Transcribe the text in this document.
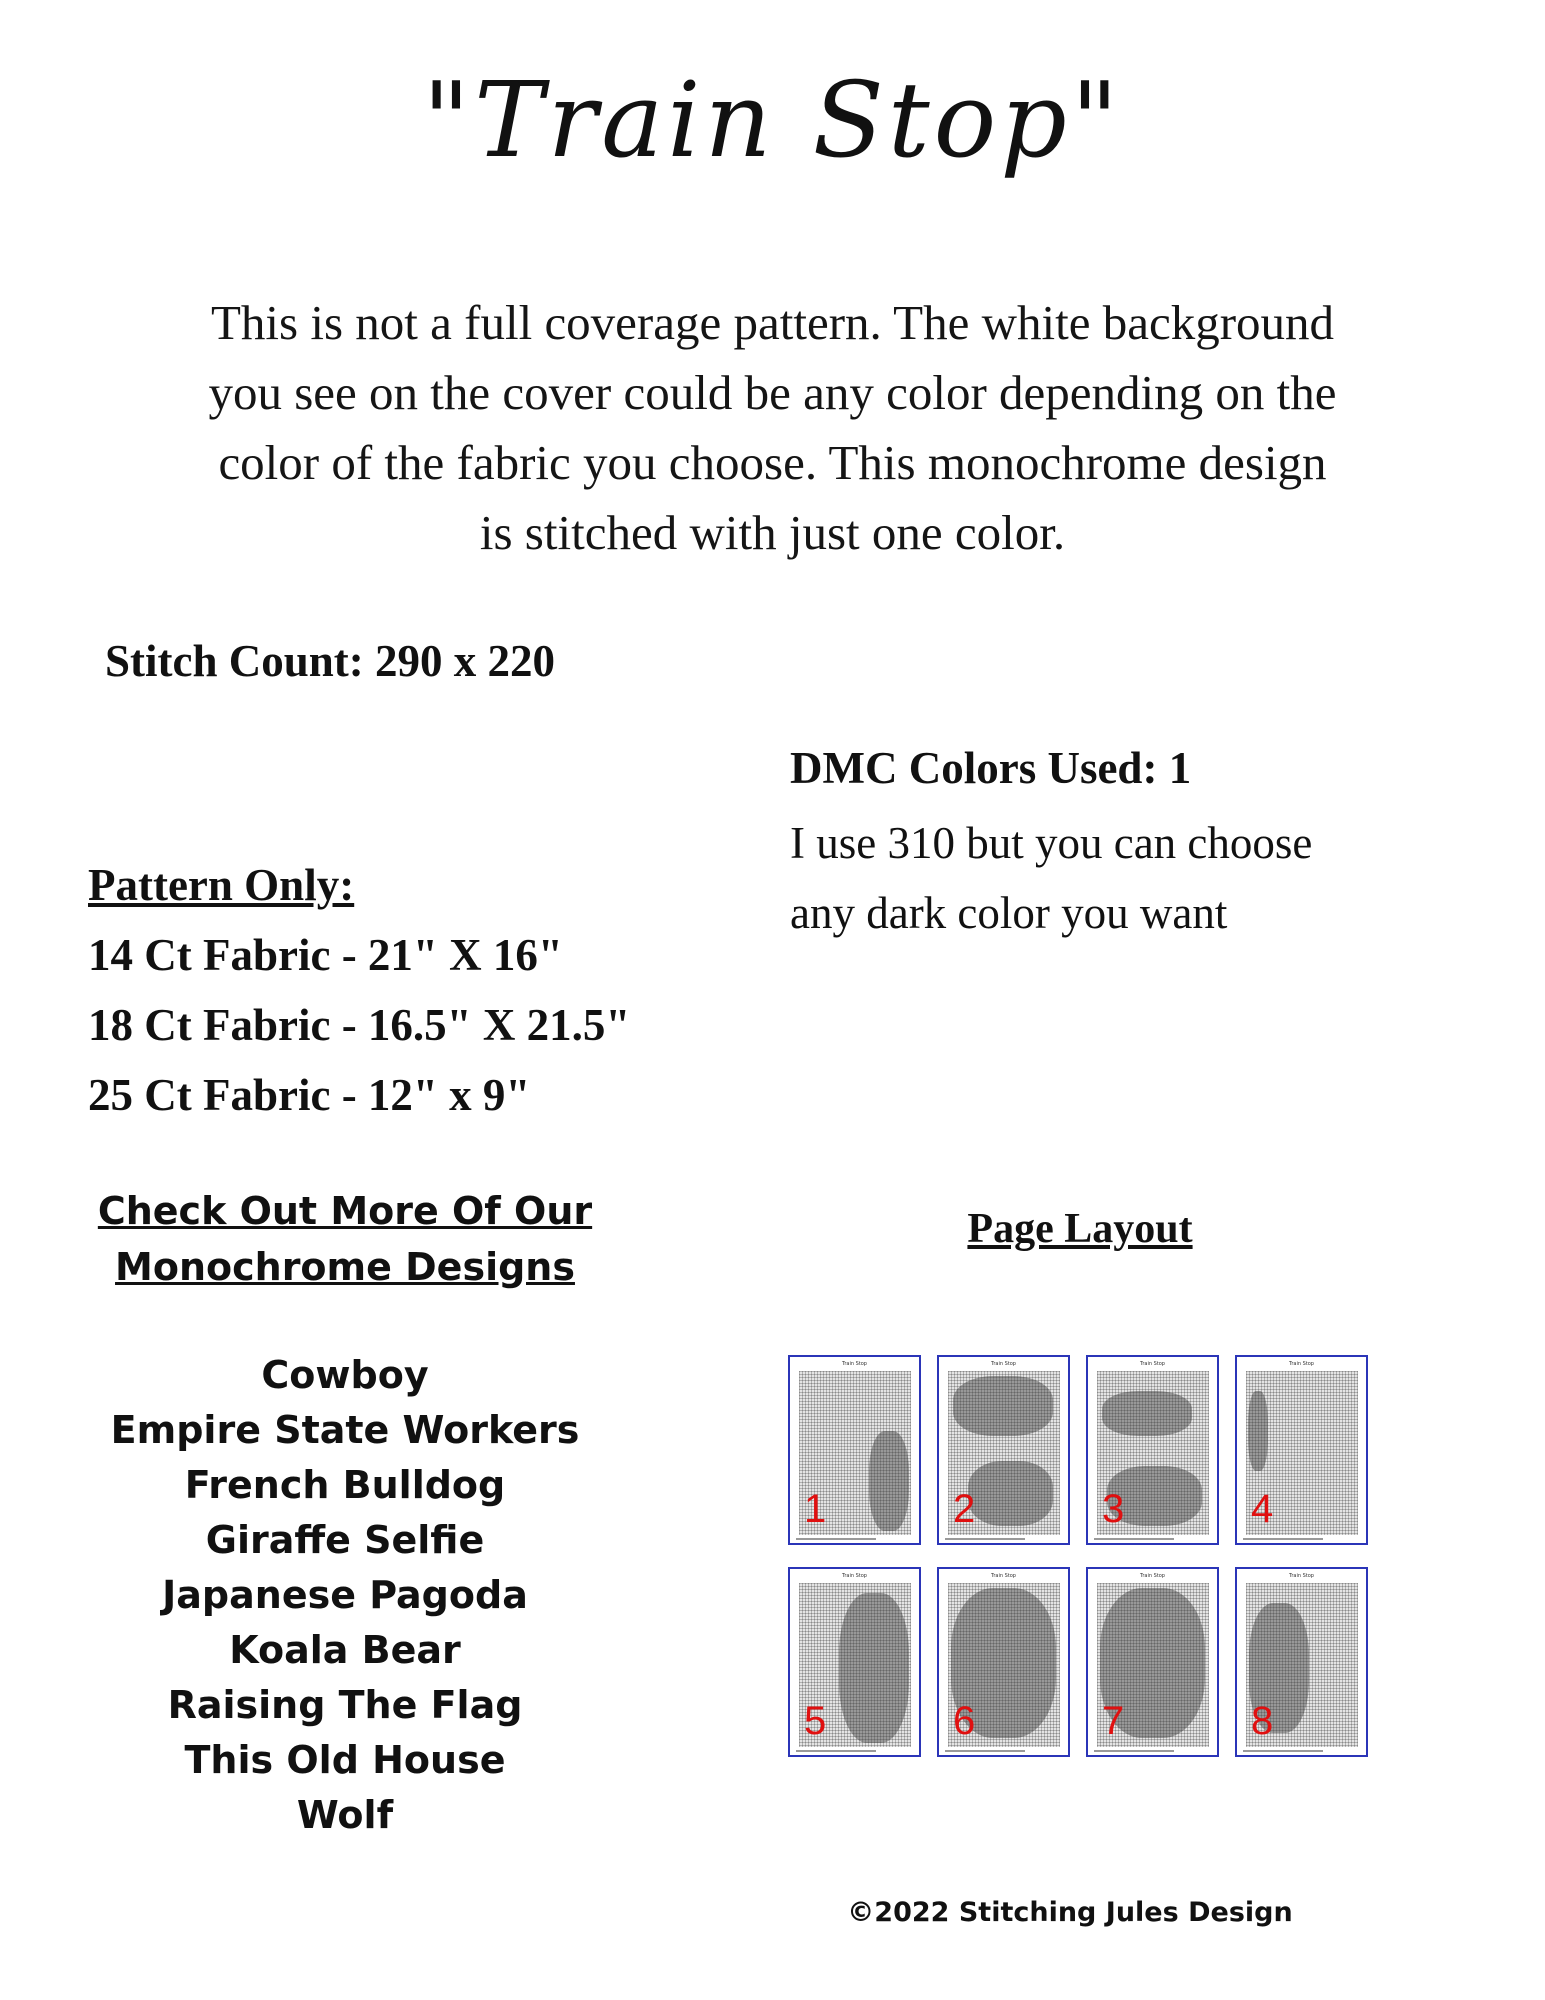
"Train Stop"
This is not a full coverage pattern. The white background
you see on the cover could be any color depending on the
color of the fabric you choose. This monochrome design
is stitched with just one color.
Stitch Count: 290 x 220
DMC Colors Used: 1
I use 310 but you can choose
any dark color you want
Pattern Only:
14 Ct Fabric - 21" X 16"
18 Ct Fabric - 16.5" X 21.5"
25 Ct Fabric - 12" x 9"
Check Out More Of Our
Monochrome Designs
Cowboy
Empire State Workers
French Bulldog
Giraffe Selfie
Japanese Pagoda
Koala Bear
Raising The Flag
This Old House
Wolf
Page Layout
Train Stop
1
Train Stop
2
Train Stop
3
Train Stop
4
Train Stop
5
Train Stop
6
Train Stop
7
Train Stop
8
©2022 Stitching Jules Design
